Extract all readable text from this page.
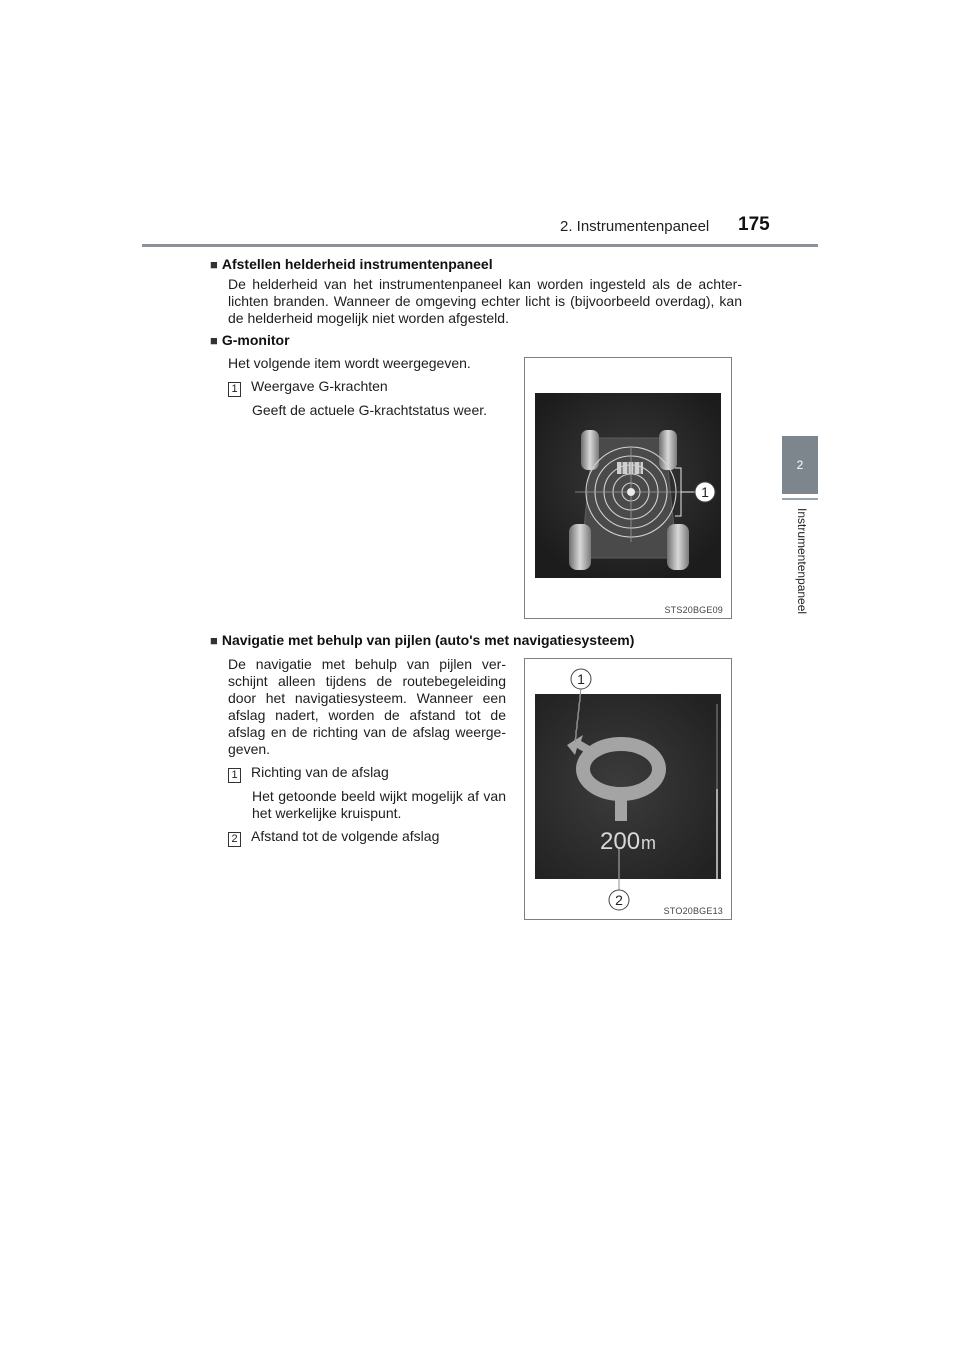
2. Instrumentenpaneel 175
2
Instrumentenpaneel
■ Afstellen helderheid instrumentenpaneel
De helderheid van het instrumentenpaneel kan worden ingesteld als de achter-lichten branden. Wanneer de omgeving echter licht is (bijvoorbeeld overdag), kan de helderheid mogelijk niet worden afgesteld.
■ G-monitor
Het volgende item wordt weergegeven.
1 Weergave G-krachten
Geeft de actuele G-krachtstatus weer.
1
STS20BGE09
■ Navigatie met behulp van pijlen (auto's met navigatiesysteem)
De navigatie met behulp van pijlen ver-schijnt alleen tijdens de routebegeleiding door het navigatiesysteem. Wanneer een afslag nadert, worden de afstand tot de afslag en de richting van de afslag weerge-geven.
1 Richting van de afslag
Het getoonde beeld wijkt mogelijk af van het werkelijke kruispunt.
2 Afstand tot de volgende afslag	200 m
1
2
STO20BGE13
